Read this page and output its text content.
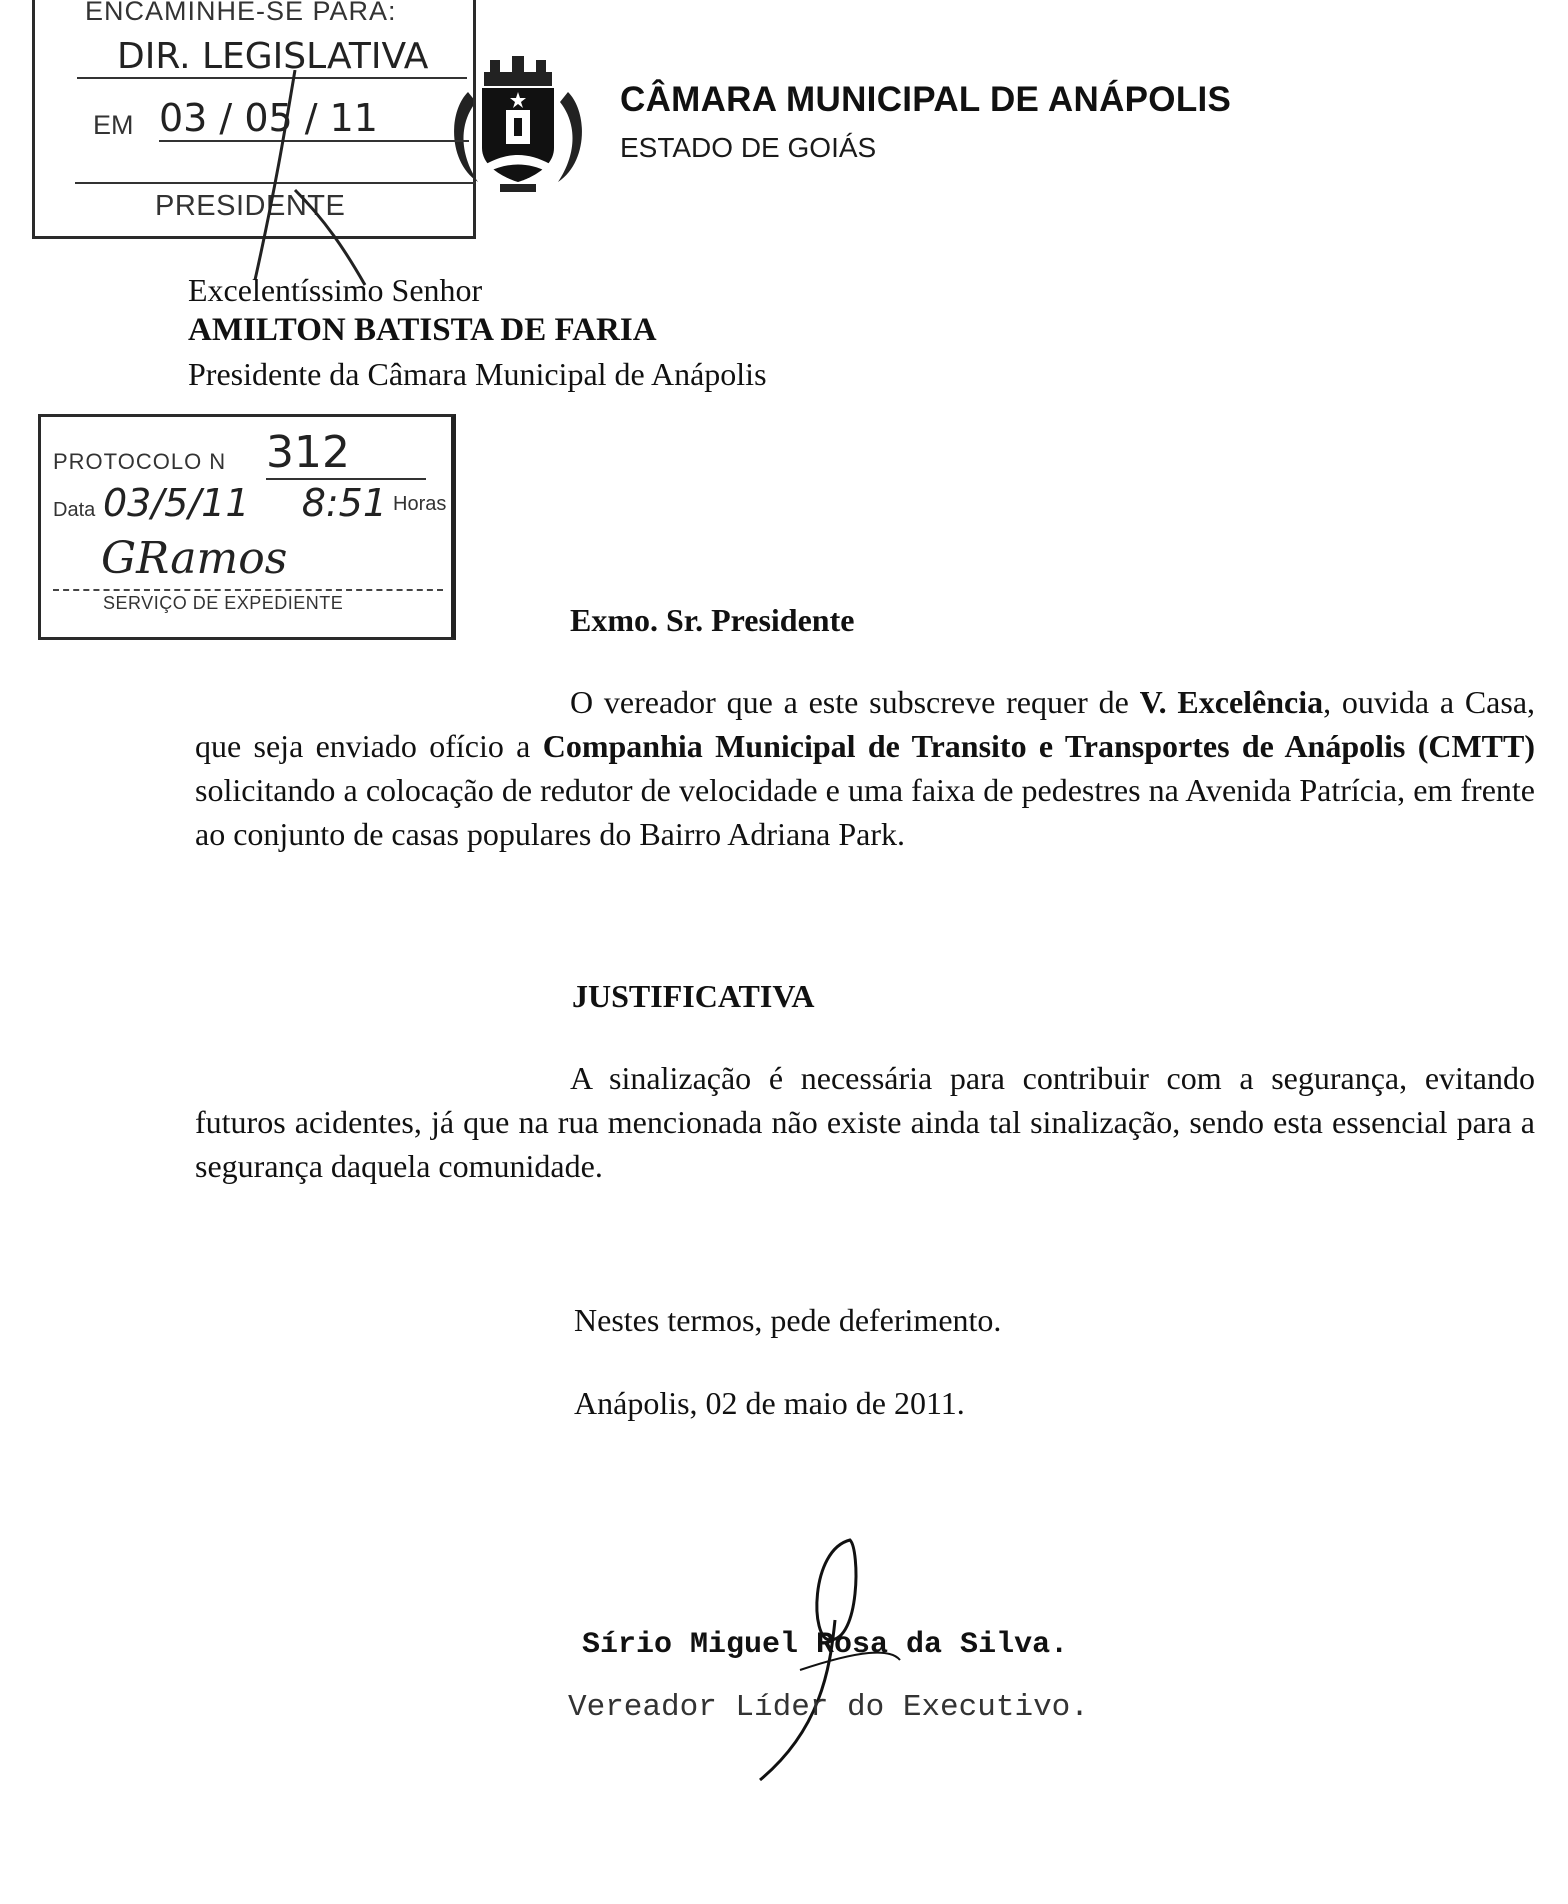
CÂMARA MUNICIPAL DE ANÁPOLIS
ESTADO DE GOIÁS
ENCAMINHE-SE PARA:
DIR. LEGISLATIVA
EM 03 / 05 / 11
PRESIDENTE
Excelentíssimo Senhor
AMILTON BATISTA DE FARIA
Presidente da Câmara Municipal de Anápolis
PROTOCOLO N 312
Data 03/5/11 8:51 Horas
GRamos
SERVIÇO DE EXPEDIENTE	Exmo. Sr. Presidente
O vereador que a este subscreve requer de V. Excelência, ouvida a Casa, que seja enviado ofício a Companhia Municipal de Transito e Transportes de Anápolis (CMTT) solicitando a colocação de redutor de velocidade e uma faixa de pedestres na Avenida Patrícia, em frente ao conjunto de casas populares do Bairro Adriana Park.
JUSTIFICATIVA
A sinalização é necessária para contribuir com a segurança, evitando futuros acidentes, já que na rua mencionada não existe ainda tal sinalização, sendo esta essencial para a segurança daquela comunidade.
Nestes termos, pede deferimento.
Anápolis, 02 de maio de 2011.
Sírio Miguel Rosa da Silva.
Vereador Líder do Executivo.
